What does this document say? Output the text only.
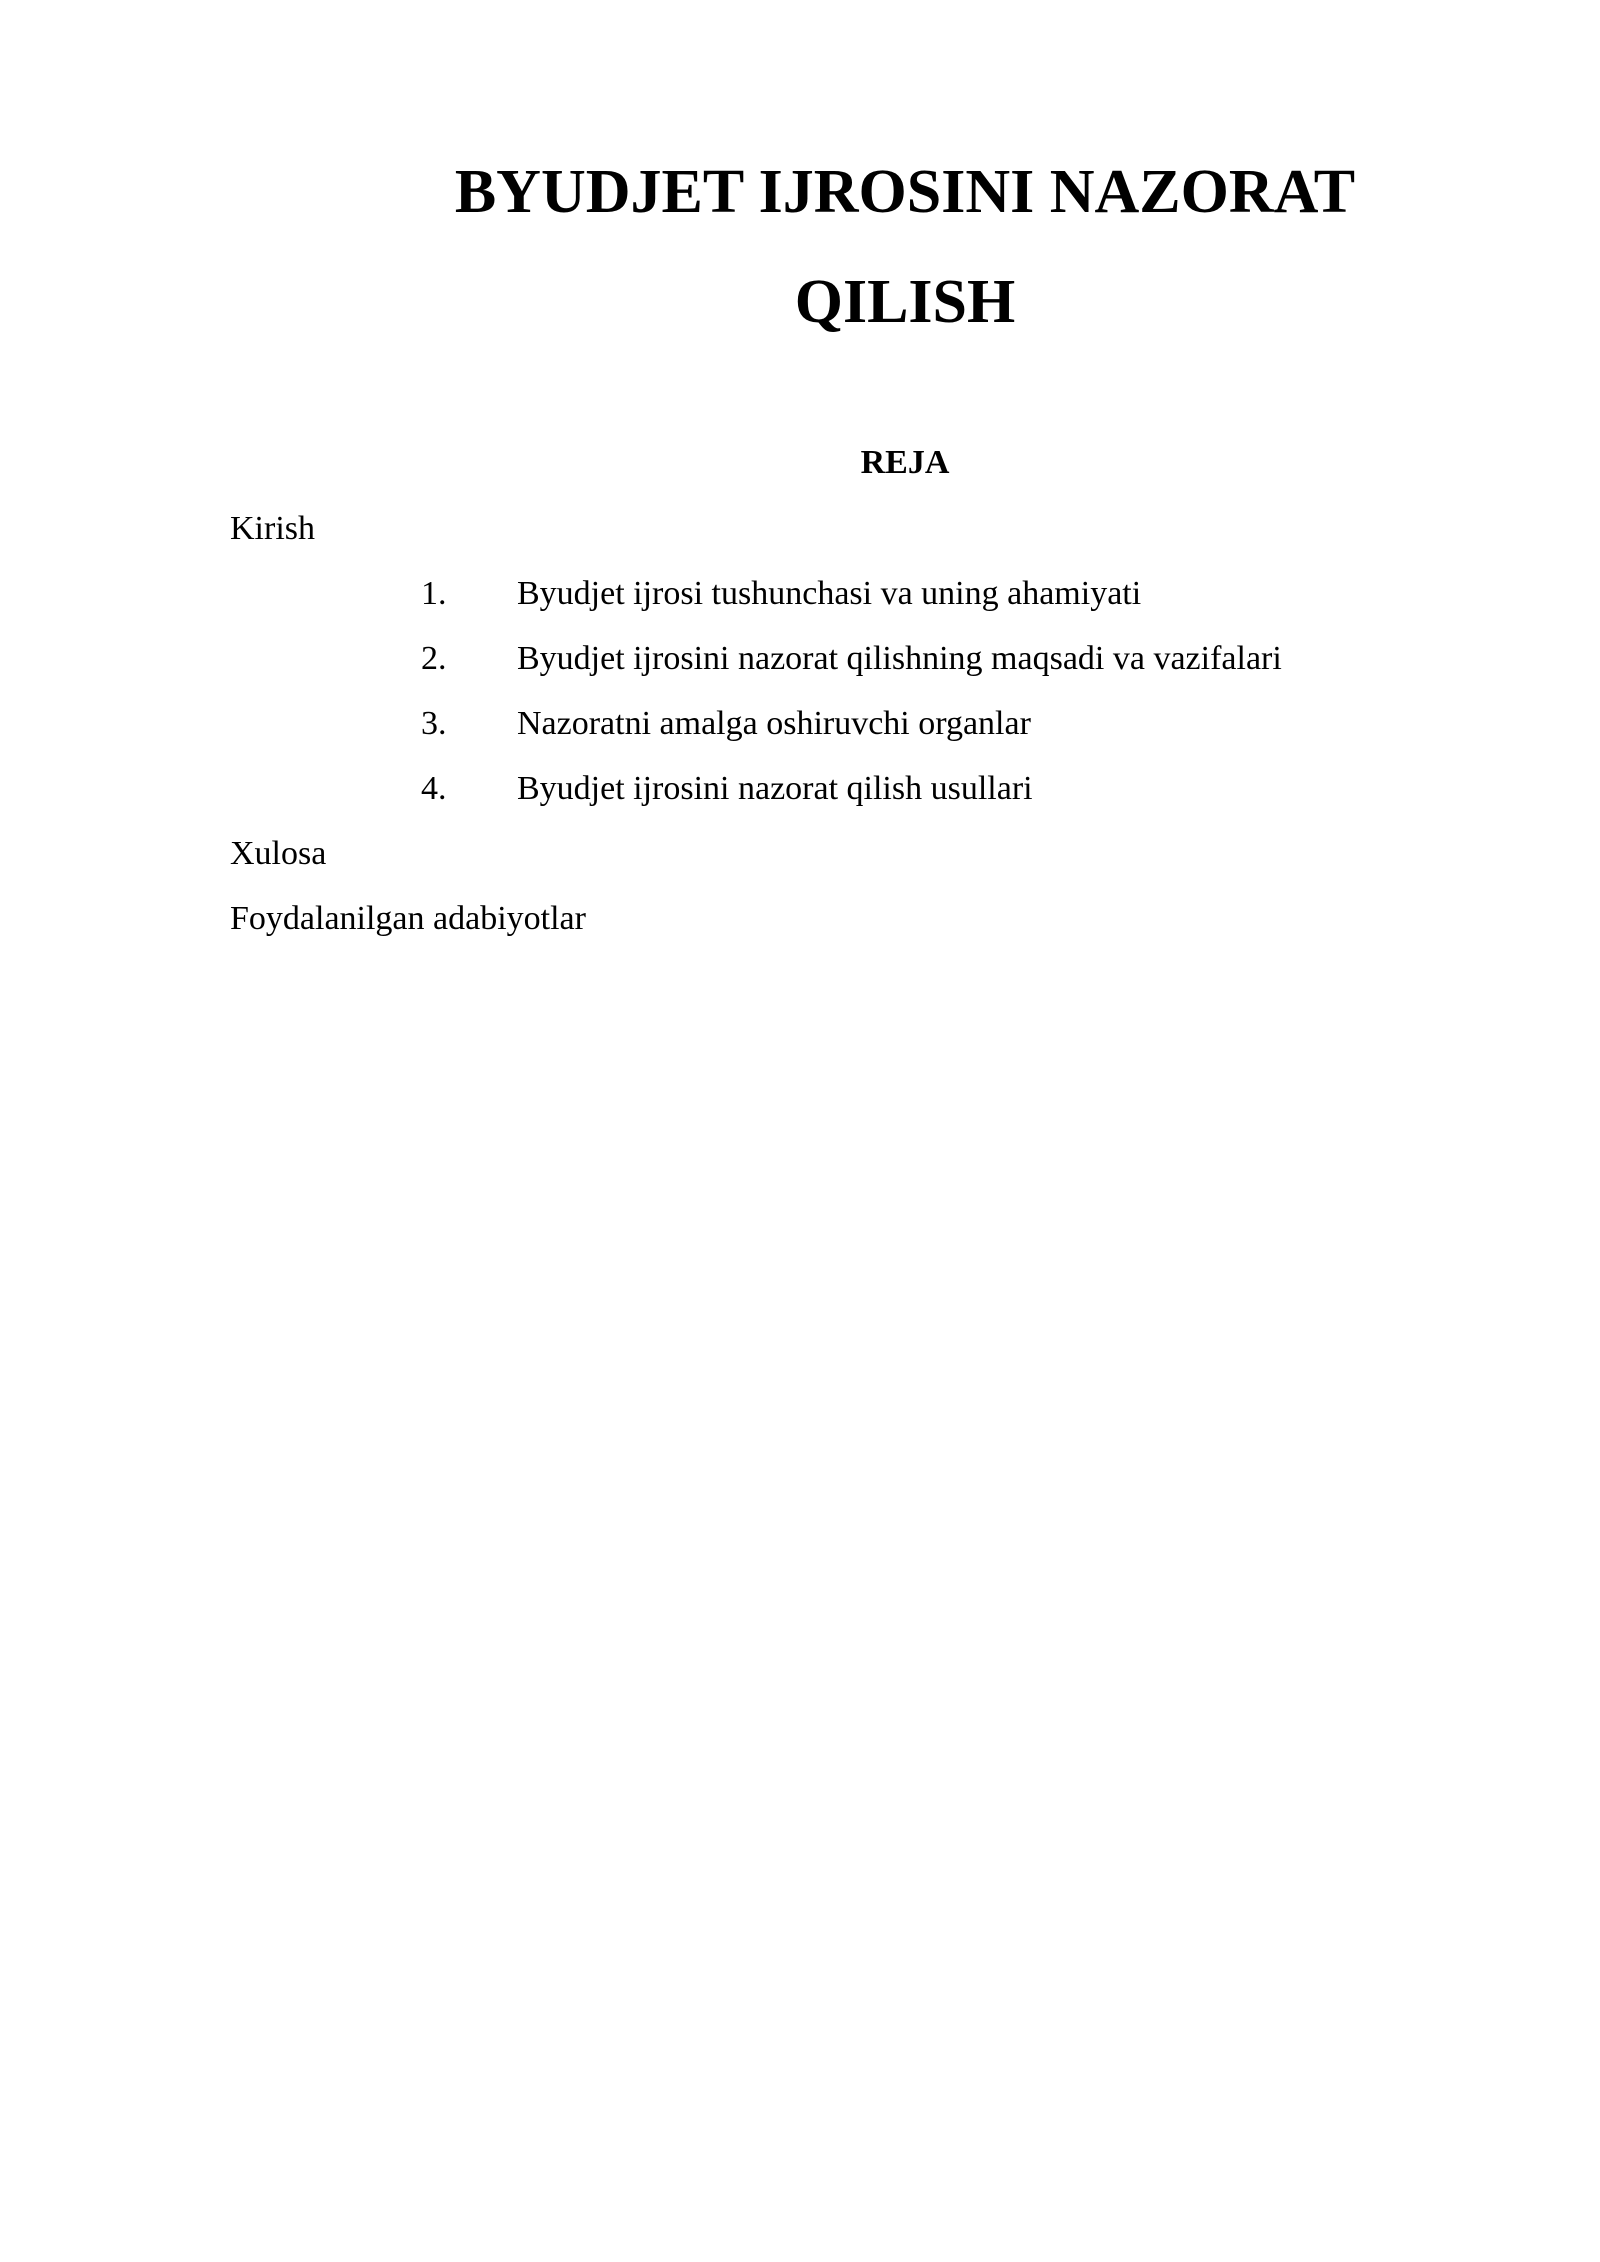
BYUDJET IJROSINI NAZORAT
QILISH
REJA

Kirish

1. Byudjet ijrosi tushunchasi va uning ahamiyati
2. Byudjet ijrosini nazorat qilishning maqsadi va vazifalari
3. Nazoratni amalga oshiruvchi organlar
4. Byudjet ijrosini nazorat qilish usullari

Xulosa

Foydalanilgan adabiyotlar
